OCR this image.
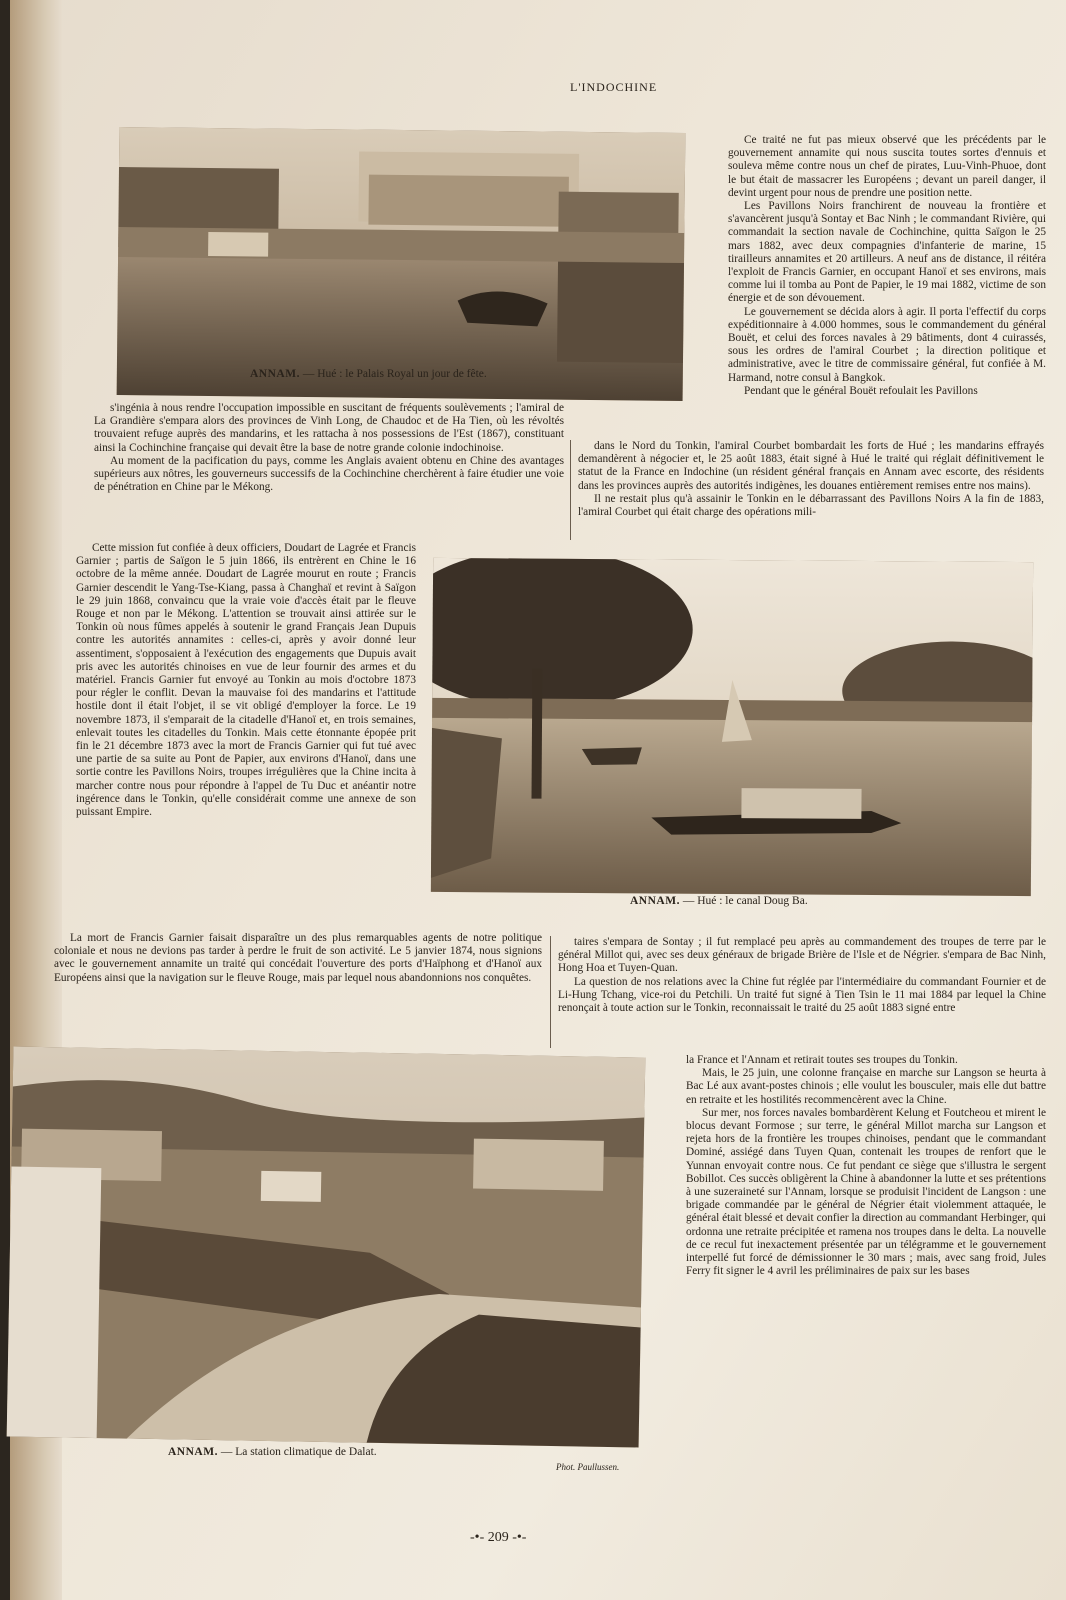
L'INDOCHINE
ANNAM. — Hué : le Palais Royal un jour de fête.

Ce traité ne fut pas mieux observé que les précédents par le gouvernement annamite qui nous suscita toutes sortes d'ennuis et souleva même contre nous un chef de pirates, Luu-Vinh-Phuoe, dont le but était de massacrer les Européens ; devant un pareil danger, il devint urgent pour nous de prendre une position nette.

Les Pavillons Noirs franchirent de nouveau la frontière et s'avancèrent jusqu'à Sontay et Bac Ninh ; le commandant Rivière, qui commandait la section navale de Cochinchine, quitta Saïgon le 25 mars 1882, avec deux compagnies d'infanterie de marine, 15 tirailleurs annamites et 20 artilleurs. A neuf ans de distance, il réitéra l'exploit de Francis Garnier, en occupant Hanoï et ses environs, mais comme lui il tomba au Pont de Papier, le 19 mai 1882, victime de son énergie et de son dévouement.

Le gouvernement se décida alors à agir. Il porta l'effectif du corps expéditionnaire à 4.000 hommes, sous le commandement du général Bouët, et celui des forces navales à 29 bâtiments, dont 4 cuirassés, sous les ordres de l'amiral Courbet ; la direction politique et administrative, avec le titre de commissaire général, fut confiée à M. Harmand, notre consul à Bangkok.

Pendant que le général Bouët refoulait les Pavillons

s'ingénia à nous rendre l'occupation impossible en suscitant de fréquents soulèvements ; l'amiral de La Grandière s'empara alors des provinces de Vinh Long, de Chaudoc et de Ha Tien, où les révoltés trouvaient refuge auprès des mandarins, et les rattacha à nos possessions de l'Est (1867), constituant ainsi la Cochinchine française qui devait être la base de notre grande colonie indochinoise.

Au moment de la pacification du pays, comme les Anglais avaient obtenu en Chine des avantages supérieurs aux nôtres, les gouverneurs successifs de la Cochinchine cherchèrent à faire étudier une voie de pénétration en Chine par le Mékong.

dans le Nord du Tonkin, l'amiral Courbet bombardait les forts de Hué ; les mandarins effrayés demandèrent à négocier et, le 25 août 1883, était signé à Hué le traité qui réglait définitivement le statut de la France en Indochine (un résident général français en Annam avec escorte, des résidents dans les provinces auprès des autorités indigènes, les douanes entièrement remises entre nos mains).

Il ne restait plus qu'à assainir le Tonkin en le débarrassant des Pavillons Noirs A la fin de 1883, l'amiral Courbet qui était charge des opérations mili-

Cette mission fut confiée à deux officiers, Doudart de Lagrée et Francis Garnier ; partis de Saïgon le 5 juin 1866, ils entrèrent en Chine le 16 octobre de la même année. Doudart de Lagrée mourut en route ; Francis Garnier descendit le Yang-Tse-Kiang, passa à Changhaï et revint à Saïgon le 29 juin 1868, convaincu que la vraie voie d'accès était par le fleuve Rouge et non par le Mékong. L'attention se trouvait ainsi attirée sur le Tonkin où nous fûmes appelés à soutenir le grand Français Jean Dupuis contre les autorités annamites : celles-ci, après y avoir donné leur assentiment, s'opposaient à l'exécution des engagements que Dupuis avait pris avec les autorités chinoises en vue de leur fournir des armes et du matériel. Francis Garnier fut envoyé au Tonkin au mois d'octobre 1873 pour régler le conflit. Devan la mauvaise foi des mandarins et l'attitude hostile dont il était l'objet, il se vit obligé d'employer la force. Le 19 novembre 1873, il s'emparait de la citadelle d'Hanoï et, en trois semaines, enlevait toutes les citadelles du Tonkin. Mais cette étonnante épopée prit fin le 21 décembre 1873 avec la mort de Francis Garnier qui fut tué avec une partie de sa suite au Pont de Papier, aux environs d'Hanoï, dans une sortie contre les Pavillons Noirs, troupes irrégulières que la Chine incita à marcher contre nous pour répondre à l'appel de Tu Duc et anéantir notre ingérence dans le Tonkin, qu'elle considérait comme une annexe de son puissant Empire.

ANNAM. — Hué : le canal Doug Ba.

La mort de Francis Garnier faisait disparaître un des plus remarquables agents de notre politique coloniale et nous ne devions pas tarder à perdre le fruit de son activité. Le 5 janvier 1874, nous signions avec le gouvernement annamite un traité qui concédait l'ouverture des ports d'Haïphong et d'Hanoï aux Européens ainsi que la navigation sur le fleuve Rouge, mais par lequel nous abandonnions nos conquêtes.

taires s'empara de Sontay ; il fut remplacé peu après au commandement des troupes de terre par le général Millot qui, avec ses deux généraux de brigade Brière de l'Isle et de Négrier. s'empara de Bac Ninh, Hong Hoa et Tuyen-Quan.

La question de nos relations avec la Chine fut réglée par l'intermédiaire du commandant Fournier et de Li-Hung Tchang, vice-roi du Petchili. Un traité fut signé à Tien Tsin le 11 mai 1884 par lequel la Chine renonçait à toute action sur le Tonkin, reconnaissait le traité du 25 août 1883 signé entre

ANNAM. — La station climatique de Dalat.
Phot. Paullussen.

la France et l'Annam et retirait toutes ses troupes du Tonkin.

Mais, le 25 juin, une colonne française en marche sur Langson se heurta à Bac Lé aux avant-postes chinois ; elle voulut les bousculer, mais elle dut battre en retraite et les hostilités recommencèrent avec la Chine.

Sur mer, nos forces navales bombardèrent Kelung et Foutcheou et mirent le blocus devant Formose ; sur terre, le général Millot marcha sur Langson et rejeta hors de la frontière les troupes chinoises, pendant que le commandant Dominé, assiégé dans Tuyen Quan, contenait les troupes de renfort que le Yunnan envoyait contre nous. Ce fut pendant ce siège que s'illustra le sergent Bobillot. Ces succès obligèrent la Chine à abandonner la lutte et ses prétentions à une suzeraineté sur l'Annam, lorsque se produisit l'incident de Langson : une brigade commandée par le général de Négrier était violemment attaquée, le général était blessé et devait confier la direction au commandant Herbinger, qui ordonna une retraite précipitée et ramena nos troupes dans le delta. La nouvelle de ce recul fut inexactement présentée par un télégramme et le gouvernement interpellé fut forcé de démissionner le 30 mars ; mais, avec sang froid, Jules Ferry fit signer le 4 avril les préliminaires de paix sur les bases

-•- 209 -•-
